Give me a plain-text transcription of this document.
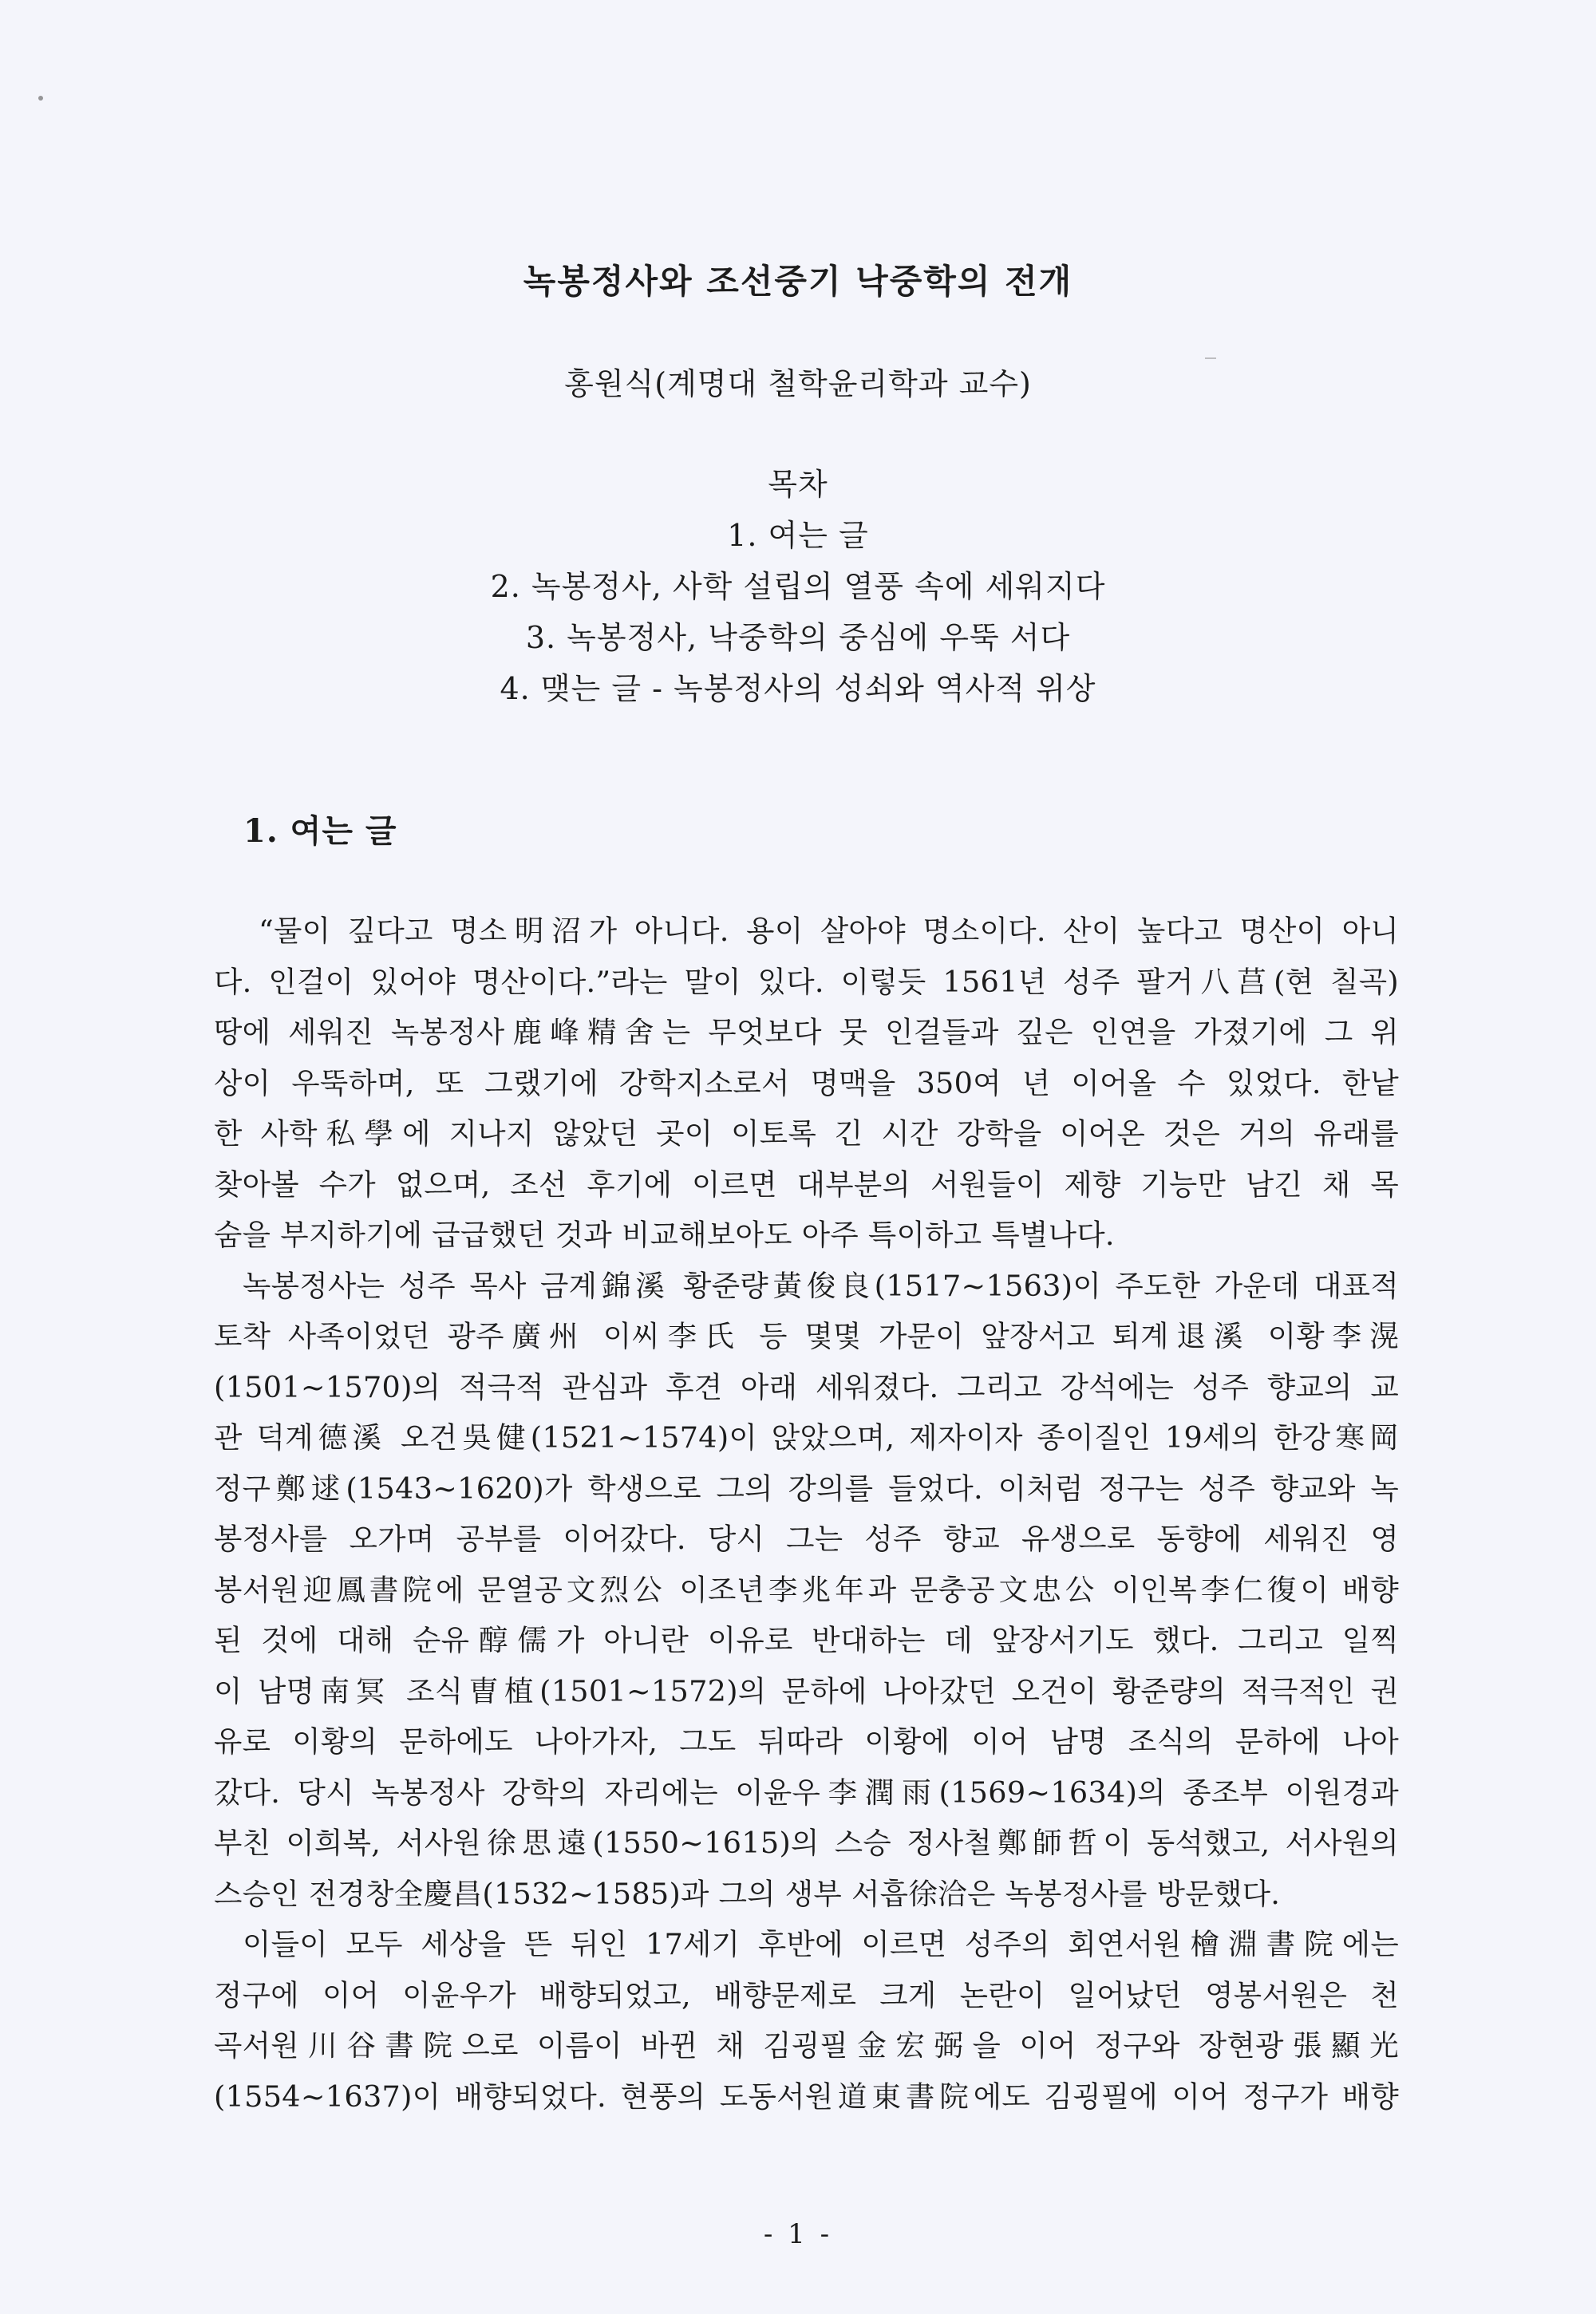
녹봉정사와 조선중기 낙중학의 전개
홍원식(계명대 철학윤리학과 교수)
목차
1. 여는 글
2. 녹봉정사, 사학 설립의 열풍 속에 세워지다
3. 녹봉정사, 낙중학의 중심에 우뚝 서다
4. 맺는 글 - 녹봉정사의 성쇠와 역사적 위상
1. 여는 글

“물이 깊다고 명소明沼가 아니다. 용이 살아야 명소이다. 산이 높다고 명산이 아니
다. 인걸이 있어야 명산이다.”라는 말이 있다. 이렇듯 1561년 성주 팔거八莒(현 칠곡)
땅에 세워진 녹봉정사鹿峰精舍는 무엇보다 뭇 인걸들과 깊은 인연을 가졌기에 그 위
상이 우뚝하며, 또 그랬기에 강학지소로서 명맥을 350여 년 이어올 수 있었다. 한낱
한 사학私學에 지나지 않았던 곳이 이토록 긴 시간 강학을 이어온 것은 거의 유래를
찾아볼 수가 없으며, 조선 후기에 이르면 대부분의 서원들이 제향 기능만 남긴 채 목
숨을 부지하기에 급급했던 것과 비교해보아도 아주 특이하고 특별나다.

녹봉정사는 성주 목사 금계錦溪 황준량黃俊良(1517~1563)이 주도한 가운데 대표적
토착 사족이었던 광주廣州 이씨李氏 등 몇몇 가문이 앞장서고 퇴계退溪 이황李滉
(1501~1570)의 적극적 관심과 후견 아래 세워졌다. 그리고 강석에는 성주 향교의 교
관 덕계德溪 오건吳健(1521~1574)이 앉았으며, 제자이자 종이질인 19세의 한강寒岡
정구鄭逑(1543~1620)가 학생으로 그의 강의를 들었다. 이처럼 정구는 성주 향교와 녹
봉정사를 오가며 공부를 이어갔다. 당시 그는 성주 향교 유생으로 동향에 세워진 영
봉서원迎鳳書院에 문열공文烈公 이조년李兆年과 문충공文忠公 이인복李仁復이 배향
된 것에 대해 순유醇儒가 아니란 이유로 반대하는 데 앞장서기도 했다. 그리고 일찍
이 남명南冥 조식曺植(1501~1572)의 문하에 나아갔던 오건이 황준량의 적극적인 권
유로 이황의 문하에도 나아가자, 그도 뒤따라 이황에 이어 남명 조식의 문하에 나아
갔다. 당시 녹봉정사 강학의 자리에는 이윤우李潤雨(1569~1634)의 종조부 이원경과
부친 이희복, 서사원徐思遠(1550~1615)의 스승 정사철鄭師哲이 동석했고, 서사원의
스승인 전경창全慶昌(1532~1585)과 그의 생부 서흡徐洽은 녹봉정사를 방문했다.

이들이 모두 세상을 뜬 뒤인 17세기 후반에 이르면 성주의 회연서원檜淵書院에는
정구에 이어 이윤우가 배향되었고, 배향문제로 크게 논란이 일어났던 영봉서원은 천
곡서원川谷書院으로 이름이 바뀐 채 김굉필金宏弼을 이어 정구와 장현광張顯光
(1554~1637)이 배향되었다. 현풍의 도동서원道東書院에도 김굉필에 이어 정구가 배향

- 1 -
